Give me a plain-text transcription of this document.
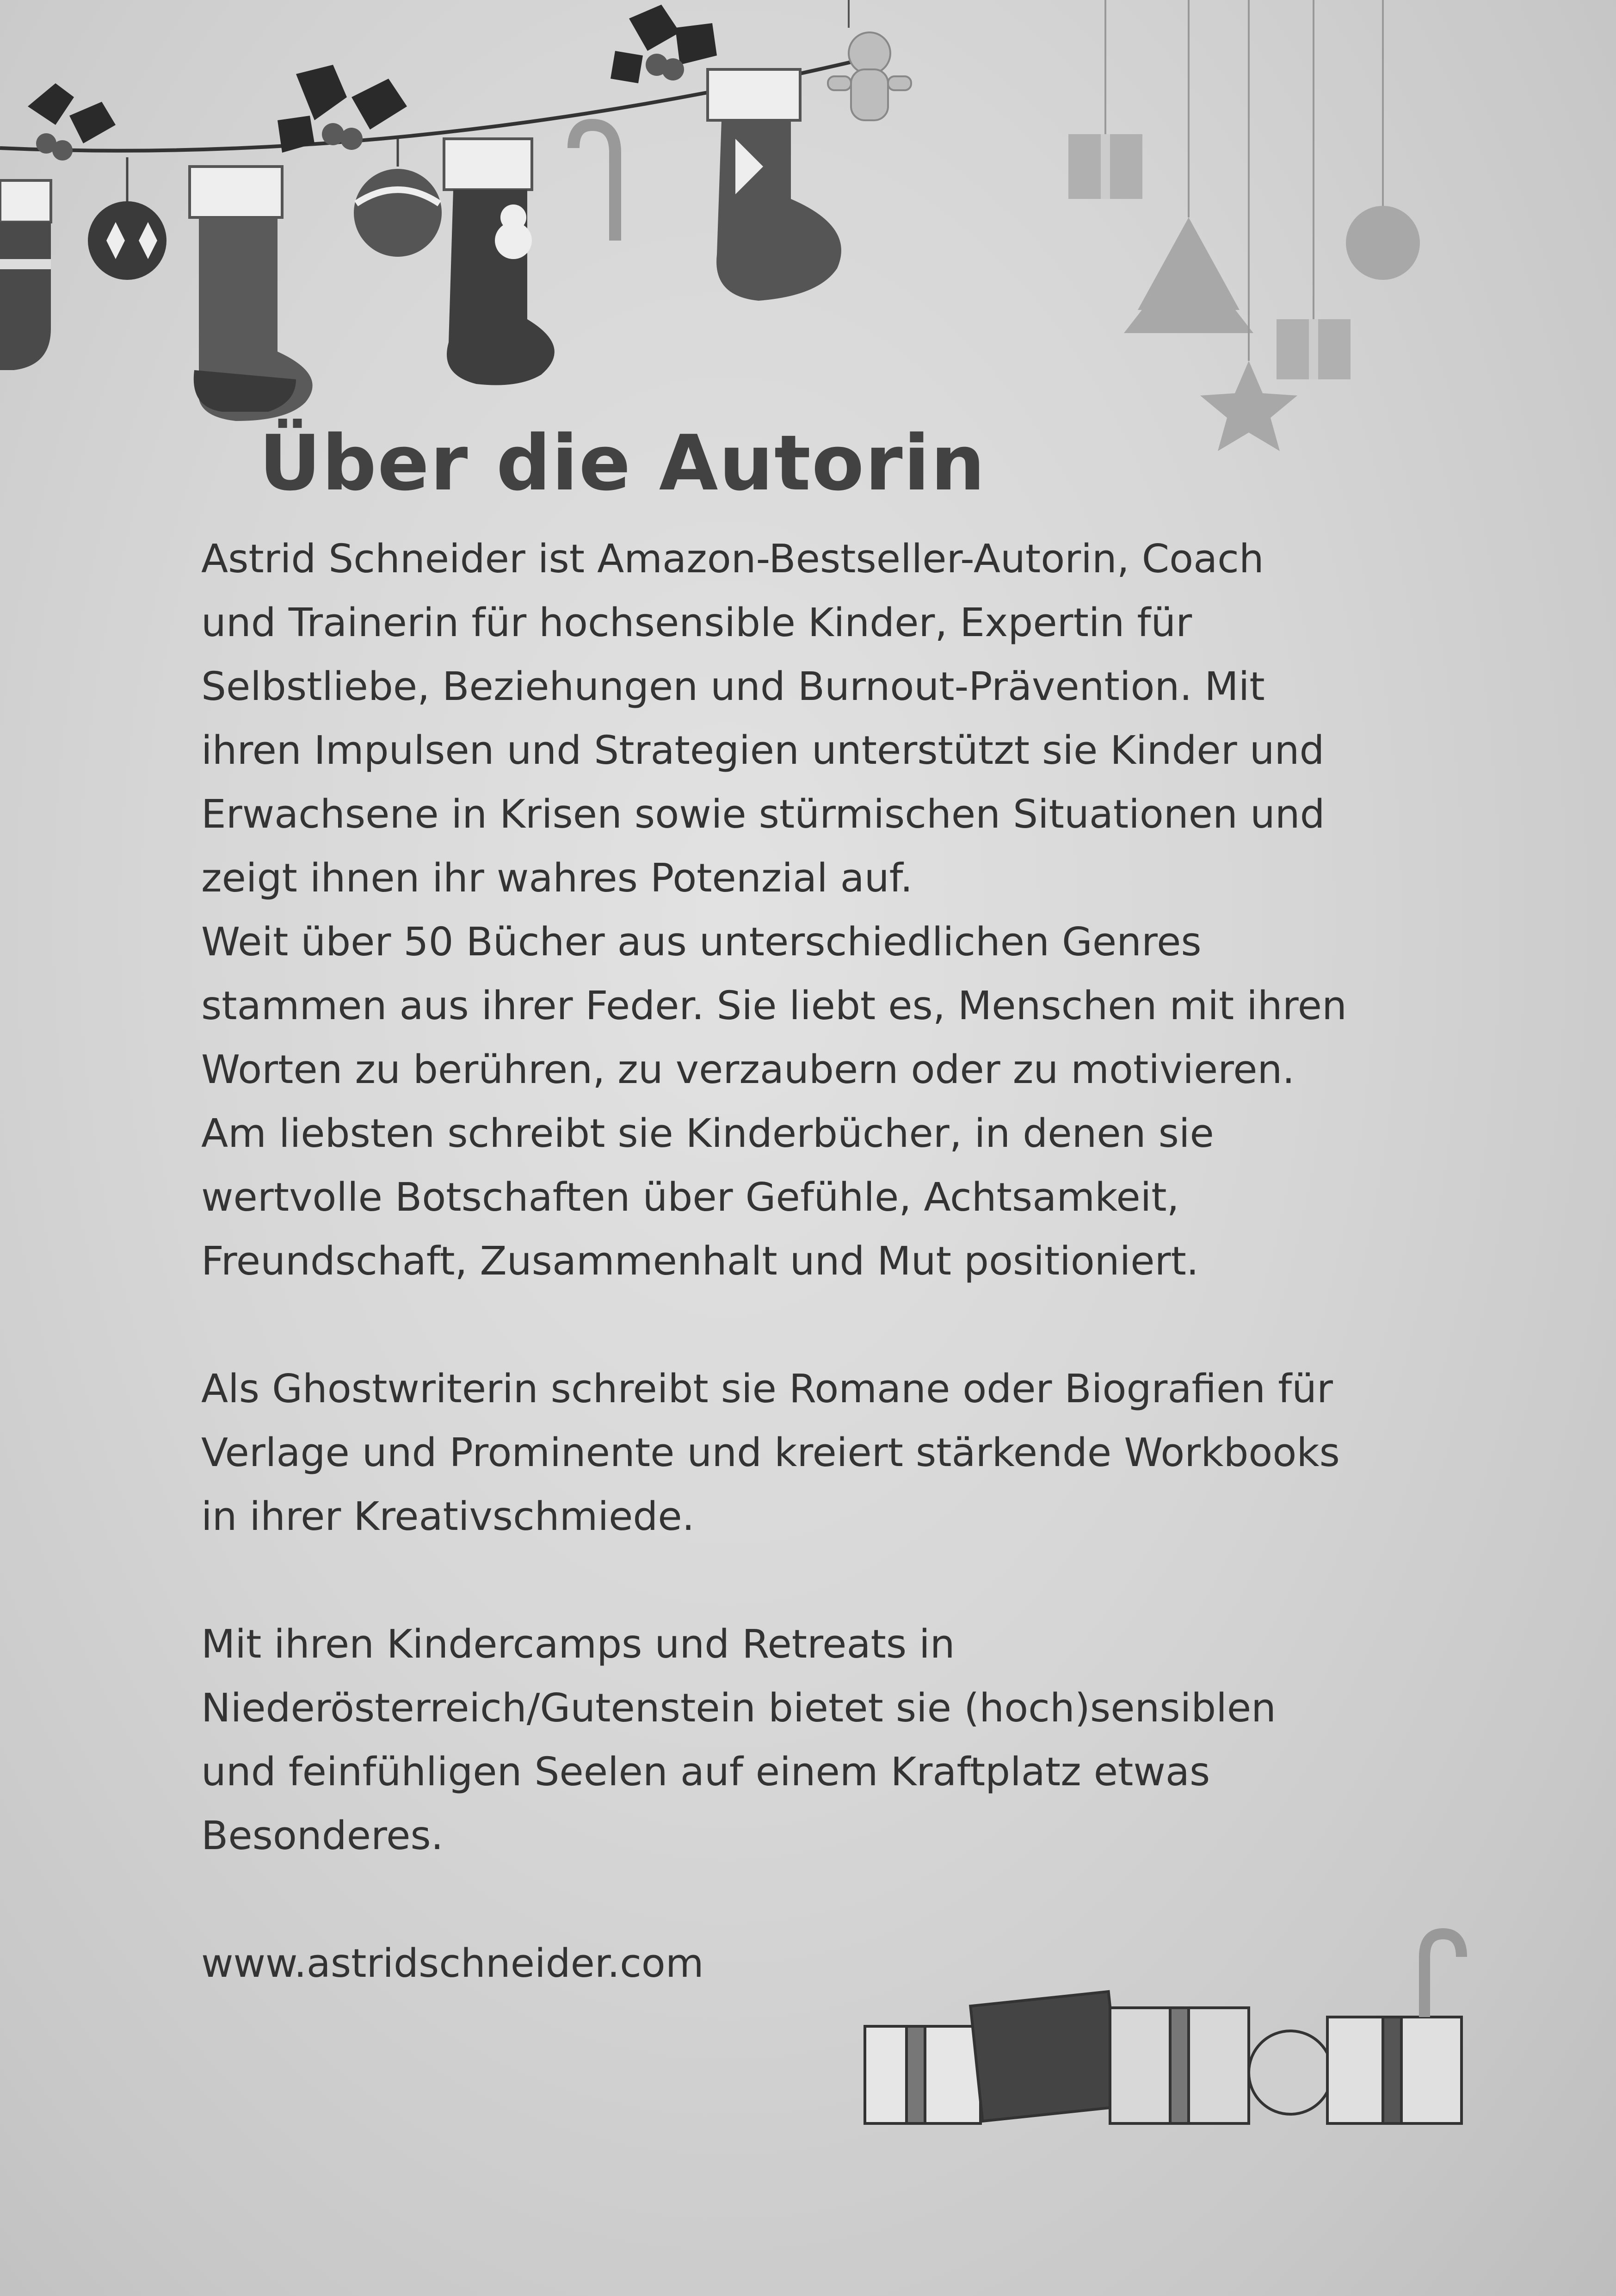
Über die Autorin

Astrid Schneider ist Amazon-Bestseller-Autorin, Coach
und Trainerin für hochsensible Kinder, Expertin für
Selbstliebe, Beziehungen und Burnout-Prävention. Mit
ihren Impulsen und Strategien unterstützt sie Kinder und
Erwachsene in Krisen sowie stürmischen Situationen und
zeigt ihnen ihr wahres Potenzial auf.
Weit über 50 Bücher aus unterschiedlichen Genres
stammen aus ihrer Feder. Sie liebt es, Menschen mit ihren
Worten zu berühren, zu verzaubern oder zu motivieren.
Am liebsten schreibt sie Kinderbücher, in denen sie
wertvolle Botschaften über Gefühle, Achtsamkeit,
Freundschaft, Zusammenhalt und Mut positioniert.

Als Ghostwriterin schreibt sie Romane oder Biografien für
Verlage und Prominente und kreiert stärkende Workbooks
in ihrer Kreativschmiede.

Mit ihren Kindercamps und Retreats in
Niederösterreich/Gutenstein bietet sie (hoch)sensiblen
und feinfühligen Seelen auf einem Kraftplatz etwas
Besonderes.

www.astridschneider.com
